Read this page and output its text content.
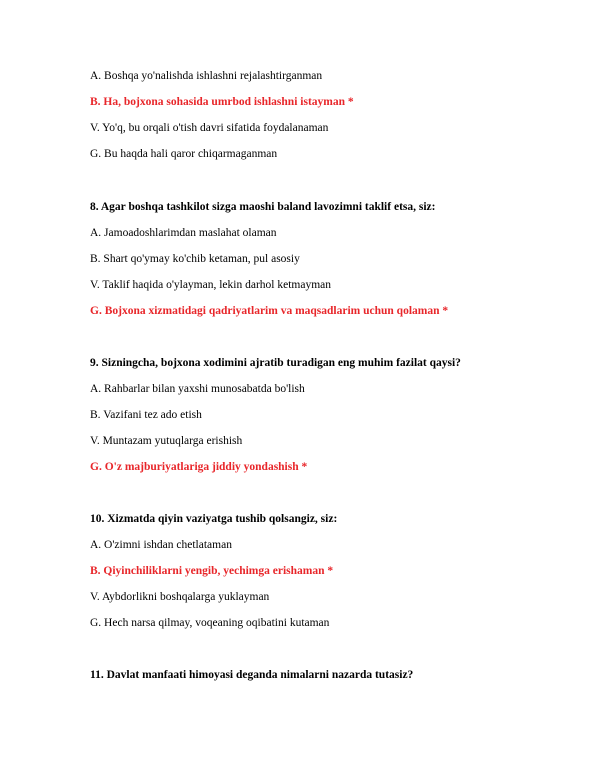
A. Boshqa yo'nalishda ishlashni rejalashtirganman
B. Ha, bojxona sohasida umrbod ishlashni istayman *
V. Yo'q, bu orqali o'tish davri sifatida foydalanaman
G. Bu haqda hali qaror chiqarmaganman
8. Agar boshqa tashkilot sizga maoshi baland lavozimni taklif etsa, siz:
A. Jamoadoshlarimdan maslahat olaman
B. Shart qo'ymay ko'chib ketaman, pul asosiy
V. Taklif haqida o'ylayman, lekin darhol ketmayman
G. Bojxona xizmatidagi qadriyatlarim va maqsadlarim uchun qolaman *
9. Sizningcha, bojxona xodimini ajratib turadigan eng muhim fazilat qaysi?
A. Rahbarlar bilan yaxshi munosabatda bo'lish
B. Vazifani tez ado etish
V. Muntazam yutuqlarga erishish
G. O'z majburiyatlariga jiddiy yondashish *
10. Xizmatda qiyin vaziyatga tushib qolsangiz, siz:
A. O'zimni ishdan chetlataman
B. Qiyinchiliklarni yengib, yechimga erishaman *
V. Aybdorlikni boshqalarga yuklayman
G. Hech narsa qilmay, voqeaning oqibatini kutaman
11. Davlat manfaati himoyasi deganda nimalarni nazarda tutasiz?
